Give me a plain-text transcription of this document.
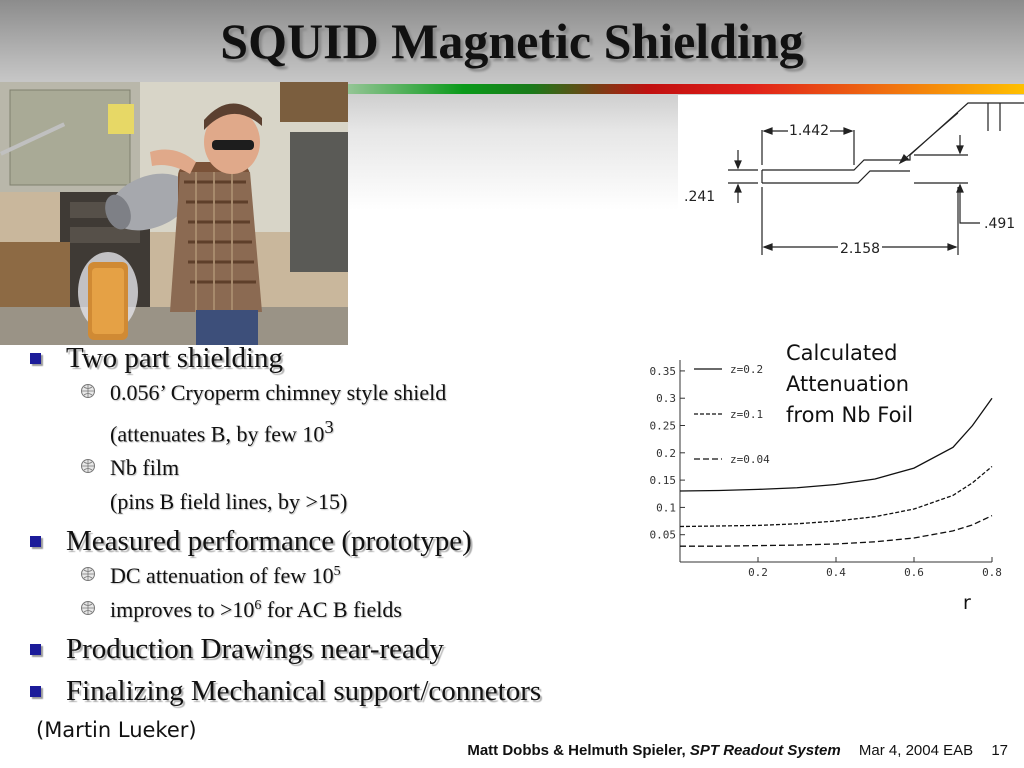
SQUID Magnetic Shielding
1.442
.241
.491
2.158
Two part shielding
0.056’ Cryoperm chimney style shield
(attenuates B, by few $10^3$
Nb film
(pins B field lines, by >15)
Measured performance (prototype)
DC attenuation of few $10^5$
improves to $>10^6$ for AC B fields
Production Drawings near-ready
Finalizing Mechanical support/connetors
(Martin Lueker)
Calculated
Attenuation
from Nb Foil
0.05
0.1
0.15
0.2
0.25
0.3
0.35
0.2	0.4	0.6	0.8
z=0.2
z=0.1
z=0.04
r
Matt Dobbs & Helmuth Spieler, SPT Readout System Mar 4, 2004 EAB 17
